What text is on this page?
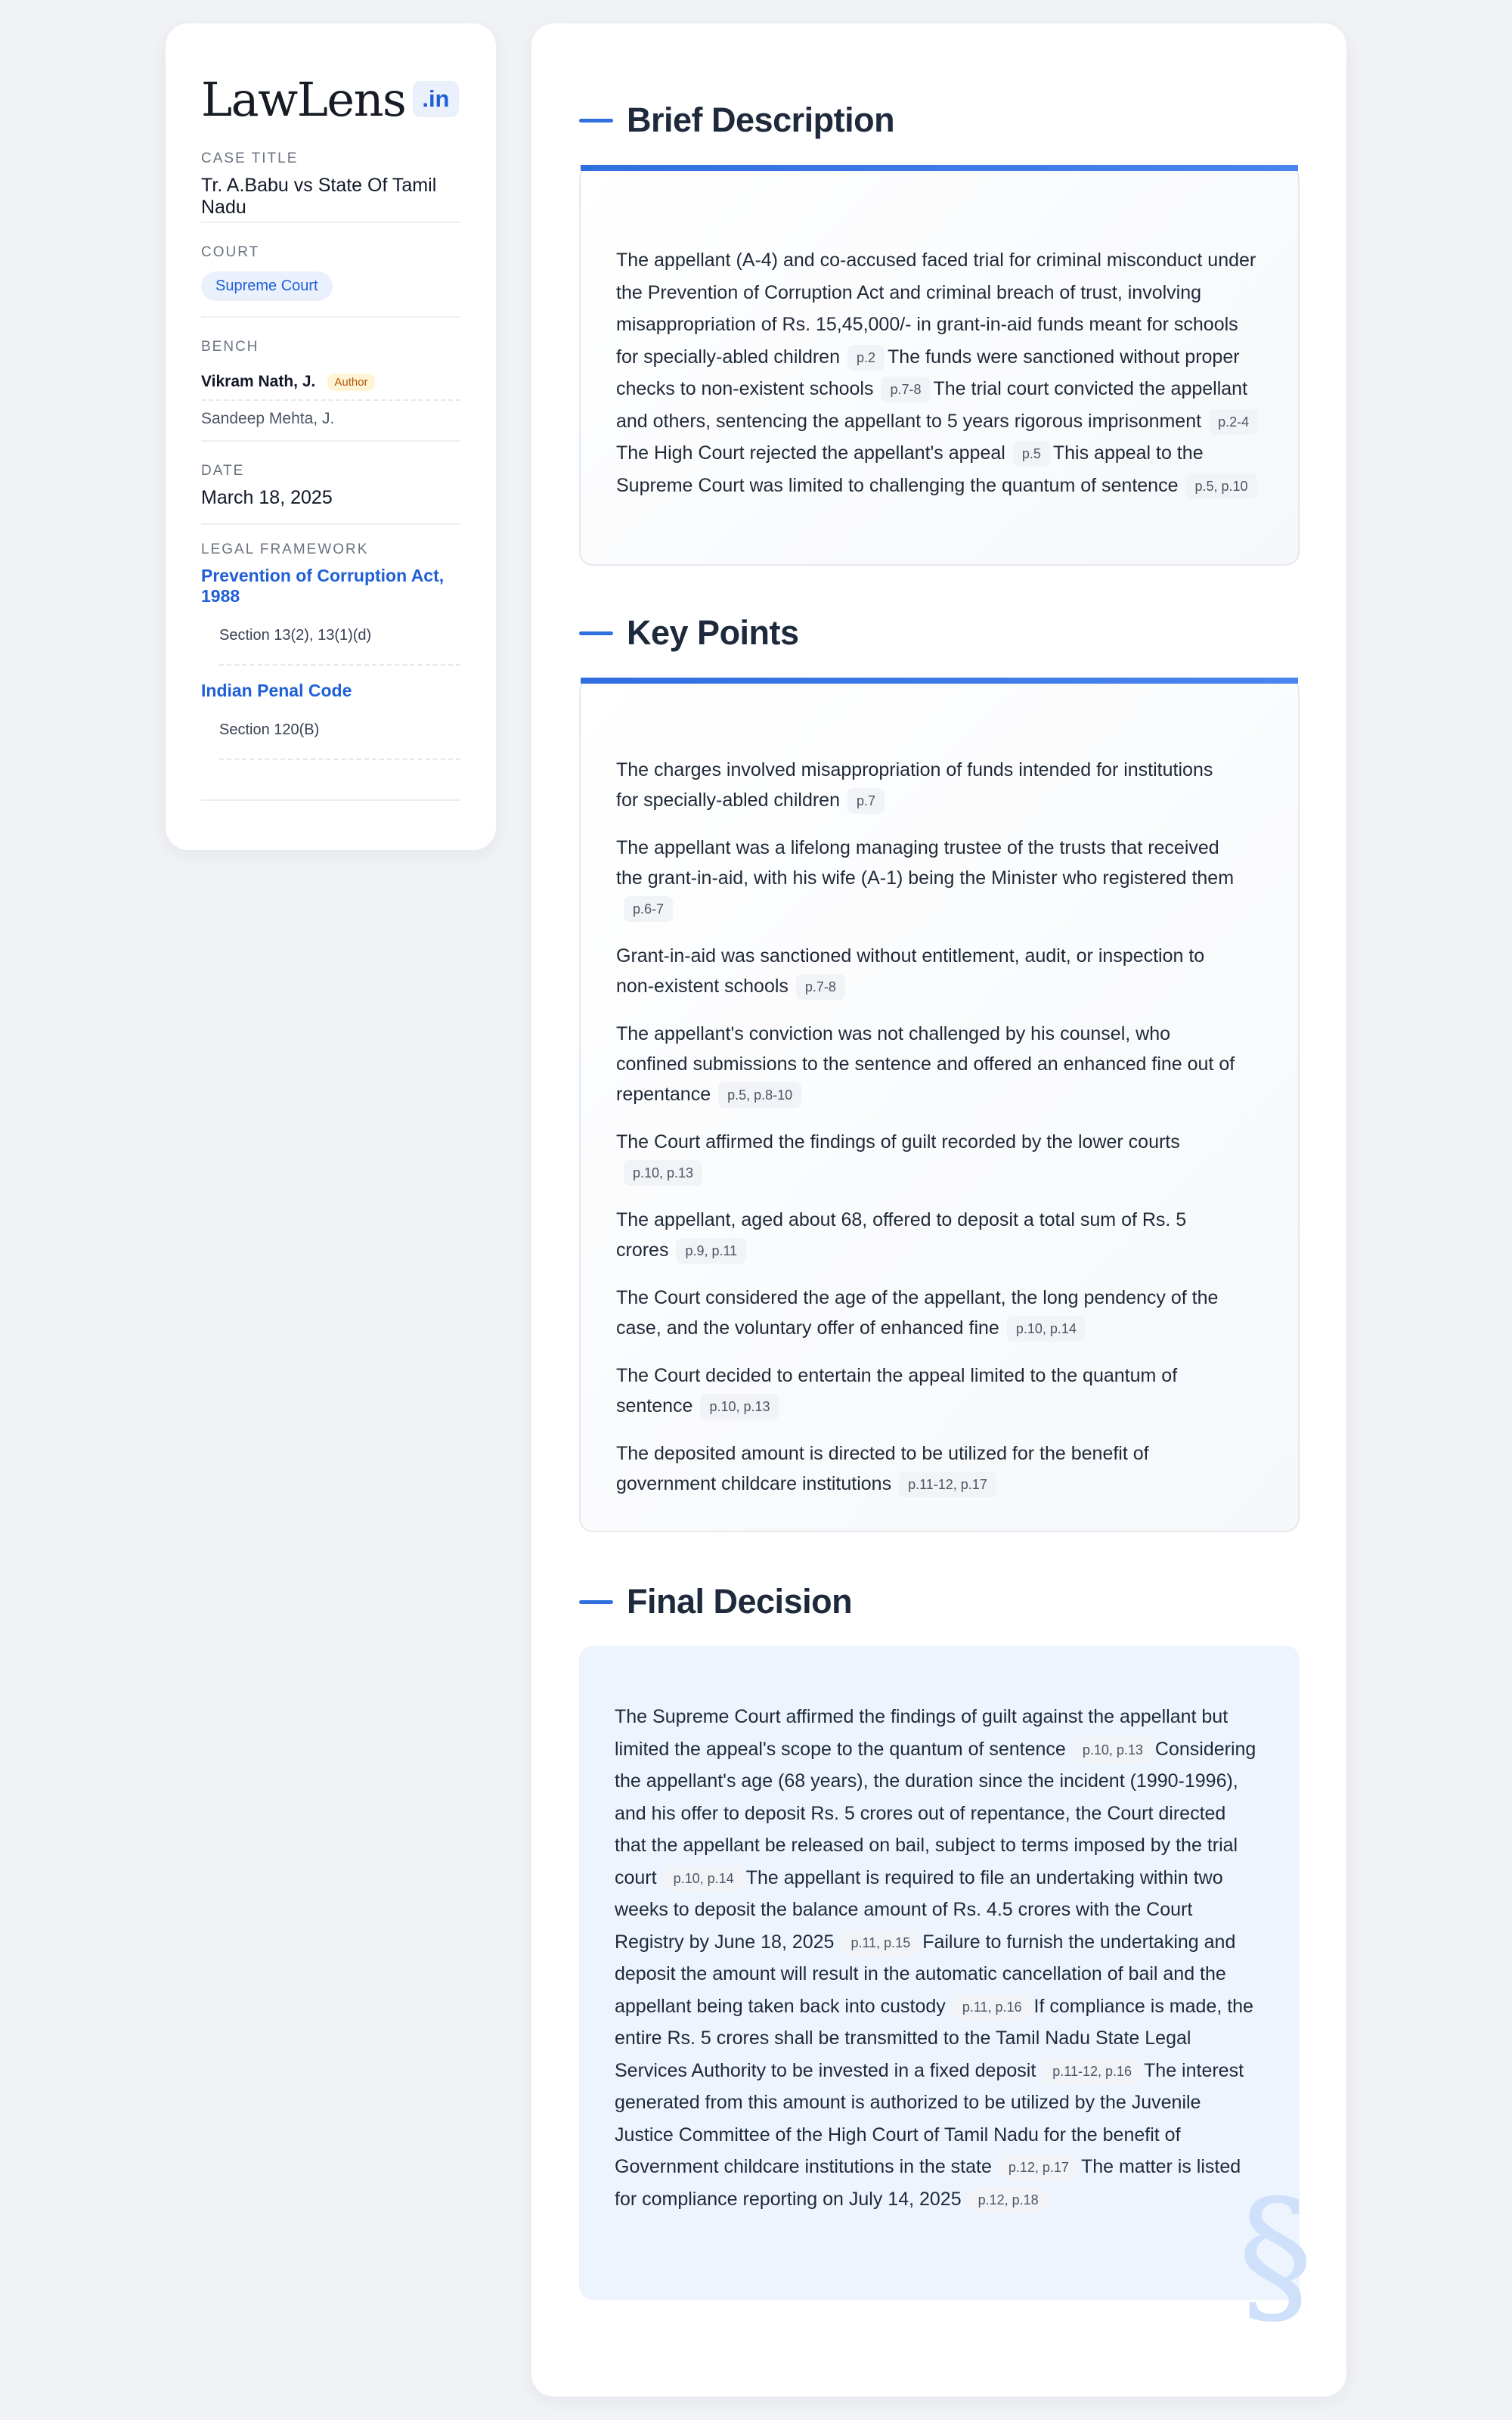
LawLens .in
CASE TITLE
Tr. A.Babu vs State Of Tamil Nadu
COURT
Supreme Court
BENCH
Vikram Nath, J.	Author
Sandeep Mehta, J.
DATE
March 18, 2025
LEGAL FRAMEWORK
Prevention of Corruption Act, 1988
Section 13(2), 13(1)(d)
Indian Penal Code
Section 120(B)
Brief Description

The appellant (A-4) and co-accused faced trial for criminal misconduct under the Prevention of Corruption Act and criminal breach of trust, involving misappropriation of Rs. 15,45,000/- in grant-in-aid funds meant for schools for specially-abled children p.2 The funds were sanctioned without proper checks to non-existent schools p.7-8 The trial court convicted the appellant and others, sentencing the appellant to 5 years rigorous imprisonment p.2-4The High Court rejected the appellant's appeal p.5 This appeal to the Supreme Court was limited to challenging the quantum of sentence p.5, p.10

Key Points

The charges involved misappropriation of funds intended for institutions for specially-abled children p.7

The appellant was a lifelong managing trustee of the trusts that received the grant-in-aid, with his wife (A-1) being the Minister who registered themp.6-7

Grant-in-aid was sanctioned without entitlement, audit, or inspection to non-existent schools p.7-8

The appellant's conviction was not challenged by his counsel, who confined submissions to the sentence and offered an enhanced fine out of repentance p.5, p.8-10

The Court affirmed the findings of guilt recorded by the lower courtsp.10, p.13

The appellant, aged about 68, offered to deposit a total sum of Rs. 5 crores p.9, p.11

The Court considered the age of the appellant, the long pendency of the case, and the voluntary offer of enhanced fine p.10, p.14

The Court decided to entertain the appeal limited to the quantum of sentence p.10, p.13

The deposited amount is directed to be utilized for the benefit of government childcare institutions p.11-12, p.17

Final Decision

The Supreme Court affirmed the findings of guilt against the appellant but limited the appeal's scope to the quantum of sentence p.10, p.13 Considering the appellant's age (68 years), the duration since the incident (1990-1996), and his offer to deposit Rs. 5 crores out of repentance, the Court directed that the appellant be released on bail, subject to terms imposed by the trial court p.10, p.14 The appellant is required to file an undertaking within two weeks to deposit the balance amount of Rs. 4.5 crores with the Court Registry by June 18, 2025 p.11, p.15 Failure to furnish the undertaking and deposit the amount will result in the automatic cancellation of bail and the appellant being taken back into custody p.11, p.16 If compliance is made, the entire Rs. 5 crores shall be transmitted to the Tamil Nadu State Legal Services Authority to be invested in a fixed deposit p.11-12, p.16 The interest generated from this amount is authorized to be utilized by the Juvenile Justice Committee of the High Court of Tamil Nadu for the benefit of Government childcare institutions in the state p.12, p.17 The matter is listed for compliance reporting on July 14, 2025 p.12, p.18	§
